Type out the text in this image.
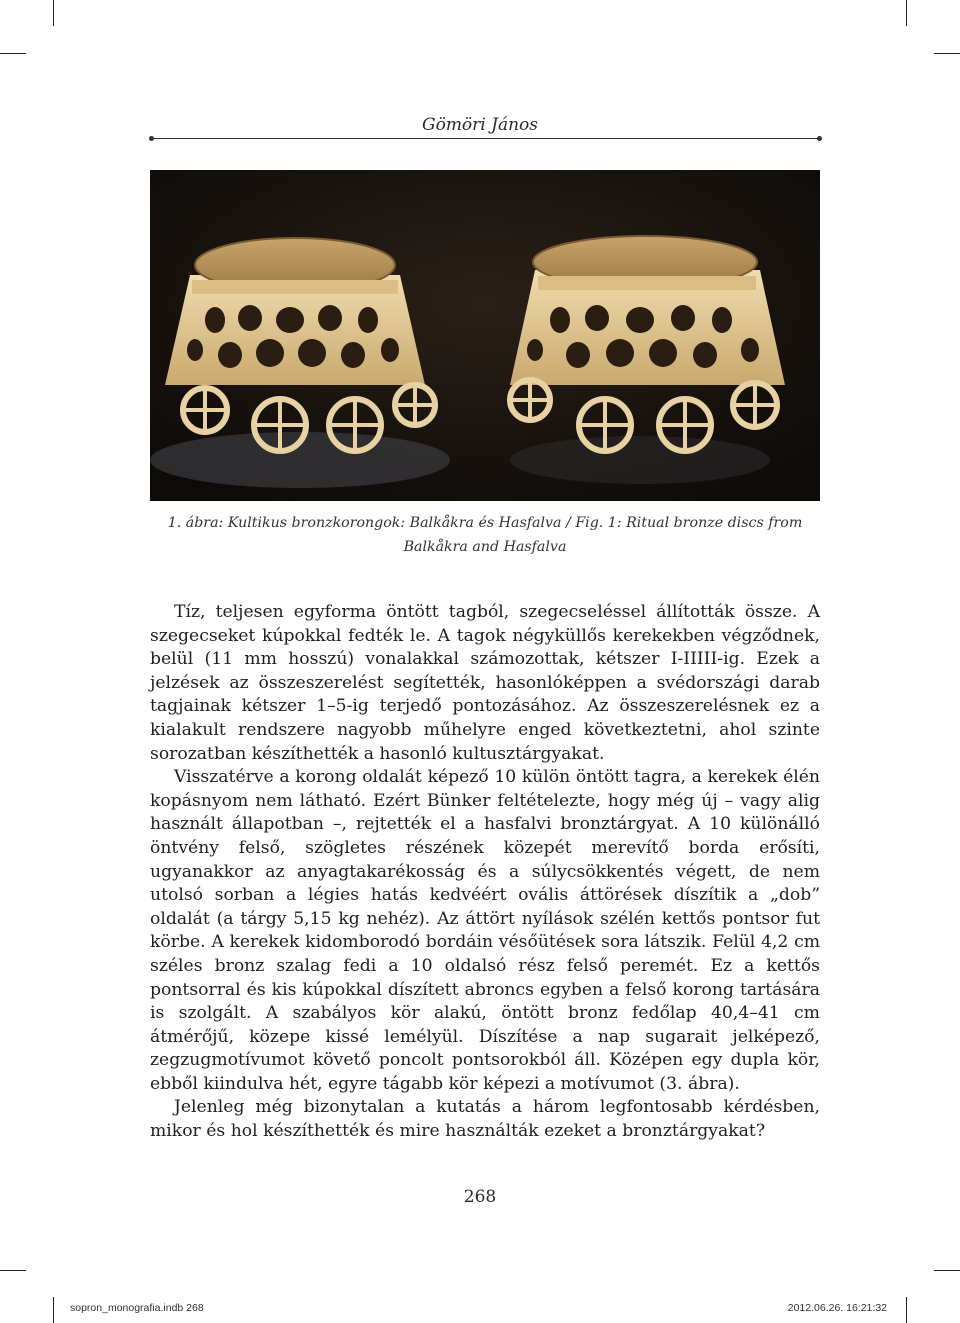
Gömöri János
1. ábra: Kultikus bronzkorongok: Balkåkra és Hasfalva / Fig. 1: Ritual bronze discs from Balkåkra and Hasfalva

Tíz, teljesen egyforma öntött tagból, szegecseléssel állították össze. A szegecseket kúpokkal fedték le. A tagok négyküllős kerekekben végződnek, belül (11 mm hosszú) vonalakkal számozottak, kétszer I-IIIII-ig. Ezek a jelzések az összeszerelést segítették, hasonlóképpen a svédországi darab tagjainak kétszer 1–5-ig terjedő pontozásához. Az összeszerelésnek ez a kialakult rendszere nagyobb műhelyre enged következtetni, ahol szinte sorozatban készíthették a hasonló kultusztárgyakat.

Visszatérve a korong oldalát képező 10 külön öntött tagra, a kerekek élén kopásnyom nem látható. Ezért Bünker feltételezte, hogy még új – vagy alig használt állapotban –, rejtették el a hasfalvi bronztárgyat. A 10 különálló öntvény felső, szögletes részének közepét merevítő borda erősíti, ugyanakkor az anyagtakarékosság és a súlycsökkentés végett, de nem utolsó sorban a légies hatás kedvéért ovális áttörések díszítik a „dob” oldalát (a tárgy 5,15 kg nehéz). Az áttört nyílások szélén kettős pontsor fut körbe. A kerekek kidomborodó bordáin vésőütések sora látszik. Felül 4,2 cm széles bronz szalag fedi a 10 oldalsó rész felső peremét. Ez a kettős pontsorral és kis kúpokkal díszített abroncs egyben a felső korong tartására is szolgált. A szabályos kör alakú, öntött bronz fedőlap 40,4–41 cm átmérőjű, közepe kissé lemélyül. Díszítése a nap sugarait jelképező, zegzugmotívumot követő poncolt pontsorokból áll. Középen egy dupla kör, ebből kiindulva hét, egyre tágabb kör képezi a motívumot (3. ábra).

Jelenleg még bizonytalan a kutatás a három legfontosabb kérdésben, mikor és hol készíthették és mire használták ezeket a bronztárgyakat?

268
sopron_monografia.indb 268	2012.06.26. 16:21:32
